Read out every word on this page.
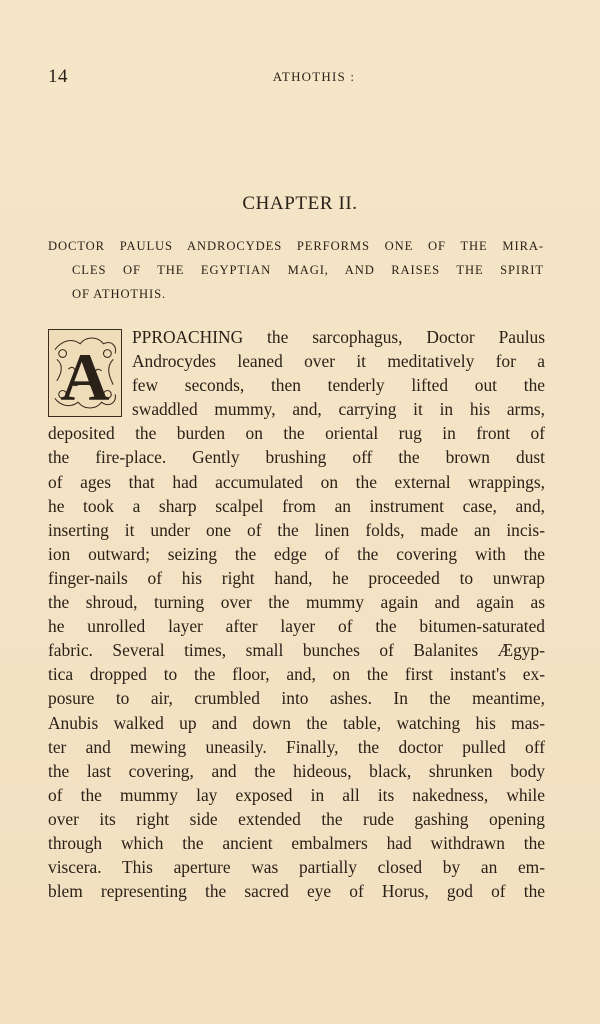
14	ATHOTHIS :
CHAPTER II.
DOCTOR PAULUS ANDROCYDES PERFORMS ONE OF THE MIRA-
CLES OF THE EGYPTIAN MAGI, AND RAISES THE SPIRIT
OF ATHOTHIS.
A
PPROACHING the sarcophagus, Doctor Paulus
Androcydes leaned over it meditatively for a
few seconds, then tenderly lifted out the
swaddled mummy, and, carrying it in his arms,
deposited the burden on the oriental rug in front of
the fire-place. Gently brushing off the brown dust
of ages that had accumulated on the external wrappings,
he took a sharp scalpel from an instrument case, and,
inserting it under one of the linen folds, made an incis-
ion outward; seizing the edge of the covering with the
finger-nails of his right hand, he proceeded to unwrap
the shroud, turning over the mummy again and again as
he unrolled layer after layer of the bitumen-saturated
fabric. Several times, small bunches of Balanites Ægyp-
tica dropped to the floor, and, on the first instant's ex-
posure to air, crumbled into ashes. In the meantime,
Anubis walked up and down the table, watching his mas-
ter and mewing uneasily. Finally, the doctor pulled off
the last covering, and the hideous, black, shrunken body
of the mummy lay exposed in all its nakedness, while
over its right side extended the rude gashing opening
through which the ancient embalmers had withdrawn the
viscera. This aperture was partially closed by an em-
blem representing the sacred eye of Horus, god of the
